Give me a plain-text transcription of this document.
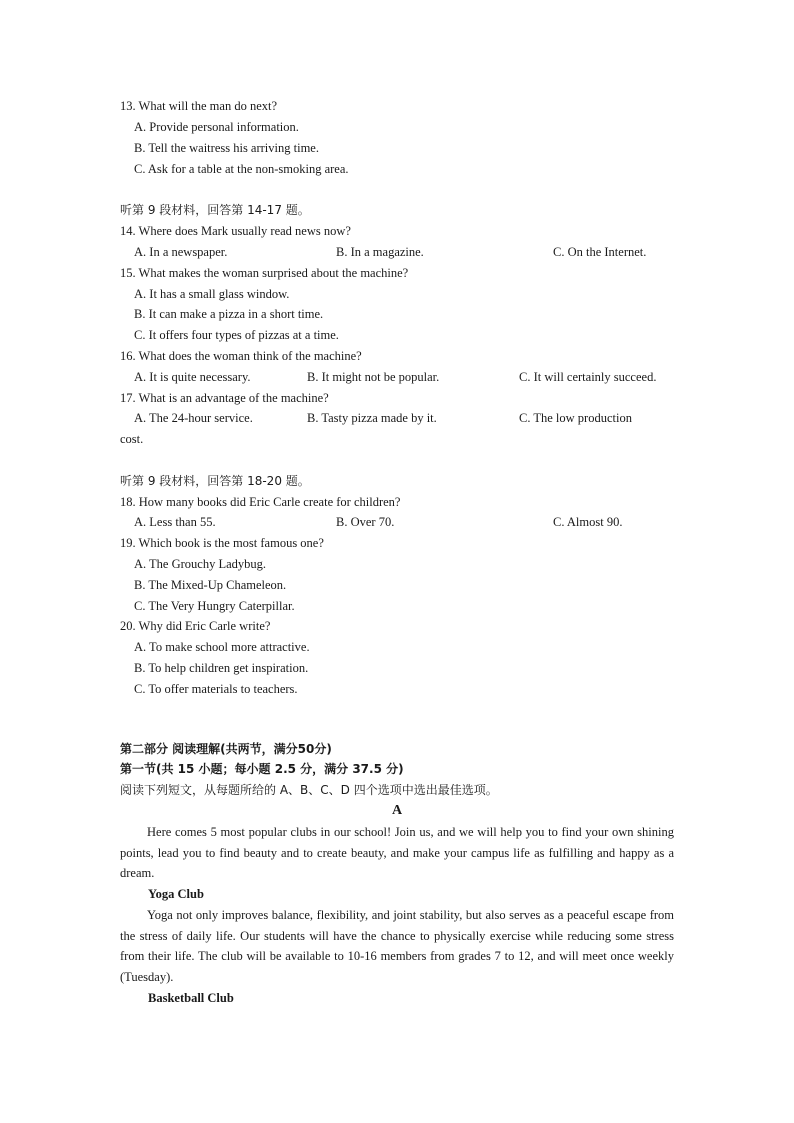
13. What will the man do next?
A. Provide personal information.
B. Tell the waitress his arriving time.
C. Ask for a table at the non-smoking area.
听第 9 段材料，回答第 14-17 题。
14. Where does Mark usually read news now?
A. In a newspaper.	B. In a magazine.	C. On the Internet.
15. What makes the woman surprised about the machine?
A. It has a small glass window.
B. It can make a pizza in a short time.
C. It offers four types of pizzas at a time.
16. What does the woman think of the machine?
A. It is quite necessary.	B. It might not be popular.	C. It will certainly succeed.
17. What is an advantage of the machine?
A. The 24-hour service.	B. Tasty pizza made by it.	C. The low production
cost.
听第 9 段材料，回答第 18-20 题。
18. How many books did Eric Carle create for children?
A. Less than 55.	B. Over 70.	C. Almost 90.
19. Which book is the most famous one?
A. The Grouchy Ladybug.
B. The Mixed-Up Chameleon.
C. The Very Hungry Caterpillar.
20. Why did Eric Carle write?
A. To make school more attractive.
B. To help children get inspiration.
C. To offer materials to teachers.
第二部分 阅读理解(共两节，满分50分)
第一节(共 15 小题；每小题 2.5 分，满分 37.5 分)
阅读下列短文，从每题所给的 A、B、C、D 四个选项中选出最佳选项。
A
Here comes 5 most popular clubs in our school! Join us, and we will help you to find your own shining points, lead you to find beauty and to create beauty, and make your campus life as fulfilling and happy as a dream.
Yoga Club
Yoga not only improves balance, flexibility, and joint stability, but also serves as a peaceful escape from the stress of daily life. Our students will have the chance to physically exercise while reducing some stress from their life. The club will be available to 10-16 members from grades 7 to 12, and will meet once weekly (Tuesday).
Basketball Club
